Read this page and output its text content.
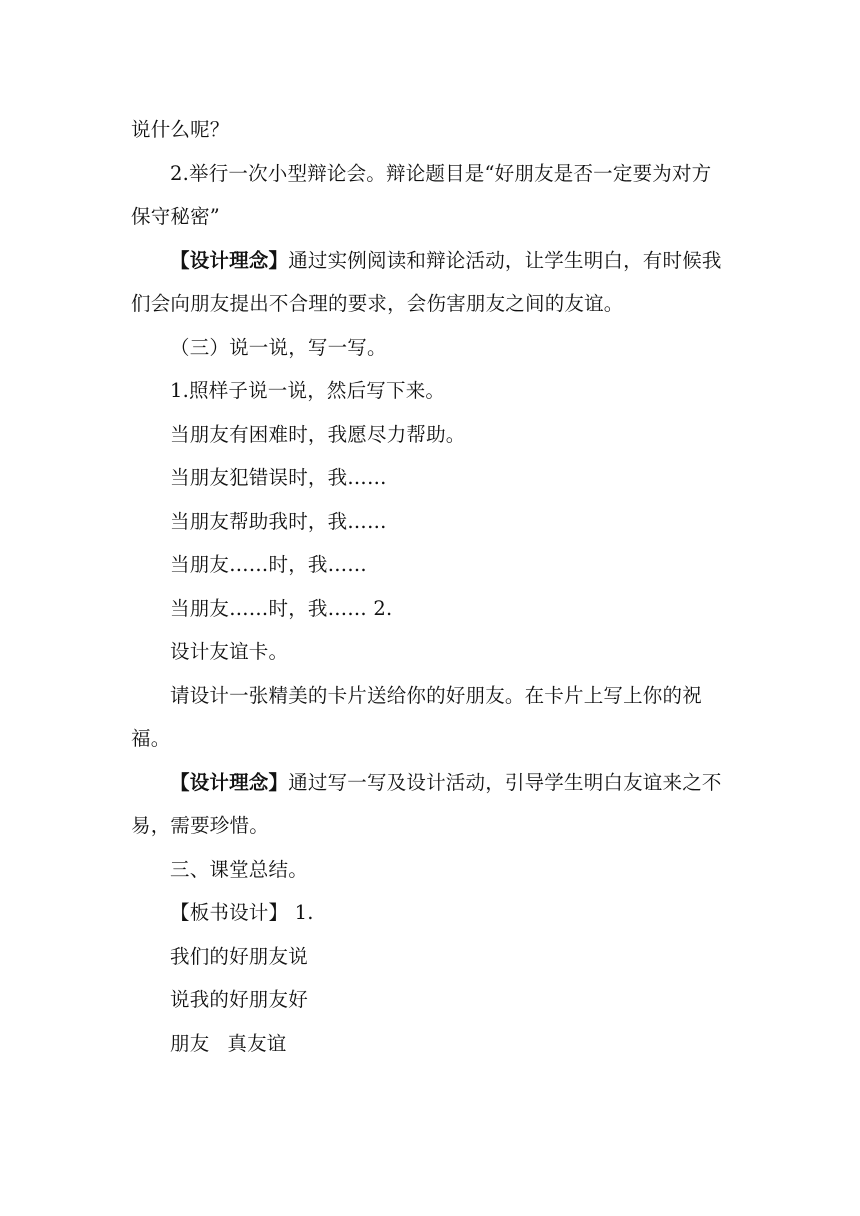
说什么呢？

2.举行一次小型辩论会。辩论题目是“好朋友是否一定要为对方

保守秘密”

【设计理念】通过实例阅读和辩论活动，让学生明白，有时候我

们会向朋友提出不合理的要求，会伤害朋友之间的友谊。

（三）说一说，写一写。

1.照样子说一说，然后写下来。

当朋友有困难时，我愿尽力帮助。

当朋友犯错误时，我……

当朋友帮助我时，我……

当朋友……时，我……

当朋友……时，我…… 2.

设计友谊卡。

请设计一张精美的卡片送给你的好朋友。在卡片上写上你的祝

福。

【设计理念】通过写一写及设计活动，引导学生明白友谊来之不

易，需要珍惜。

三、课堂总结。

【板书设计】 1.

我们的好朋友说

说我的好朋友好

朋友 真友谊
